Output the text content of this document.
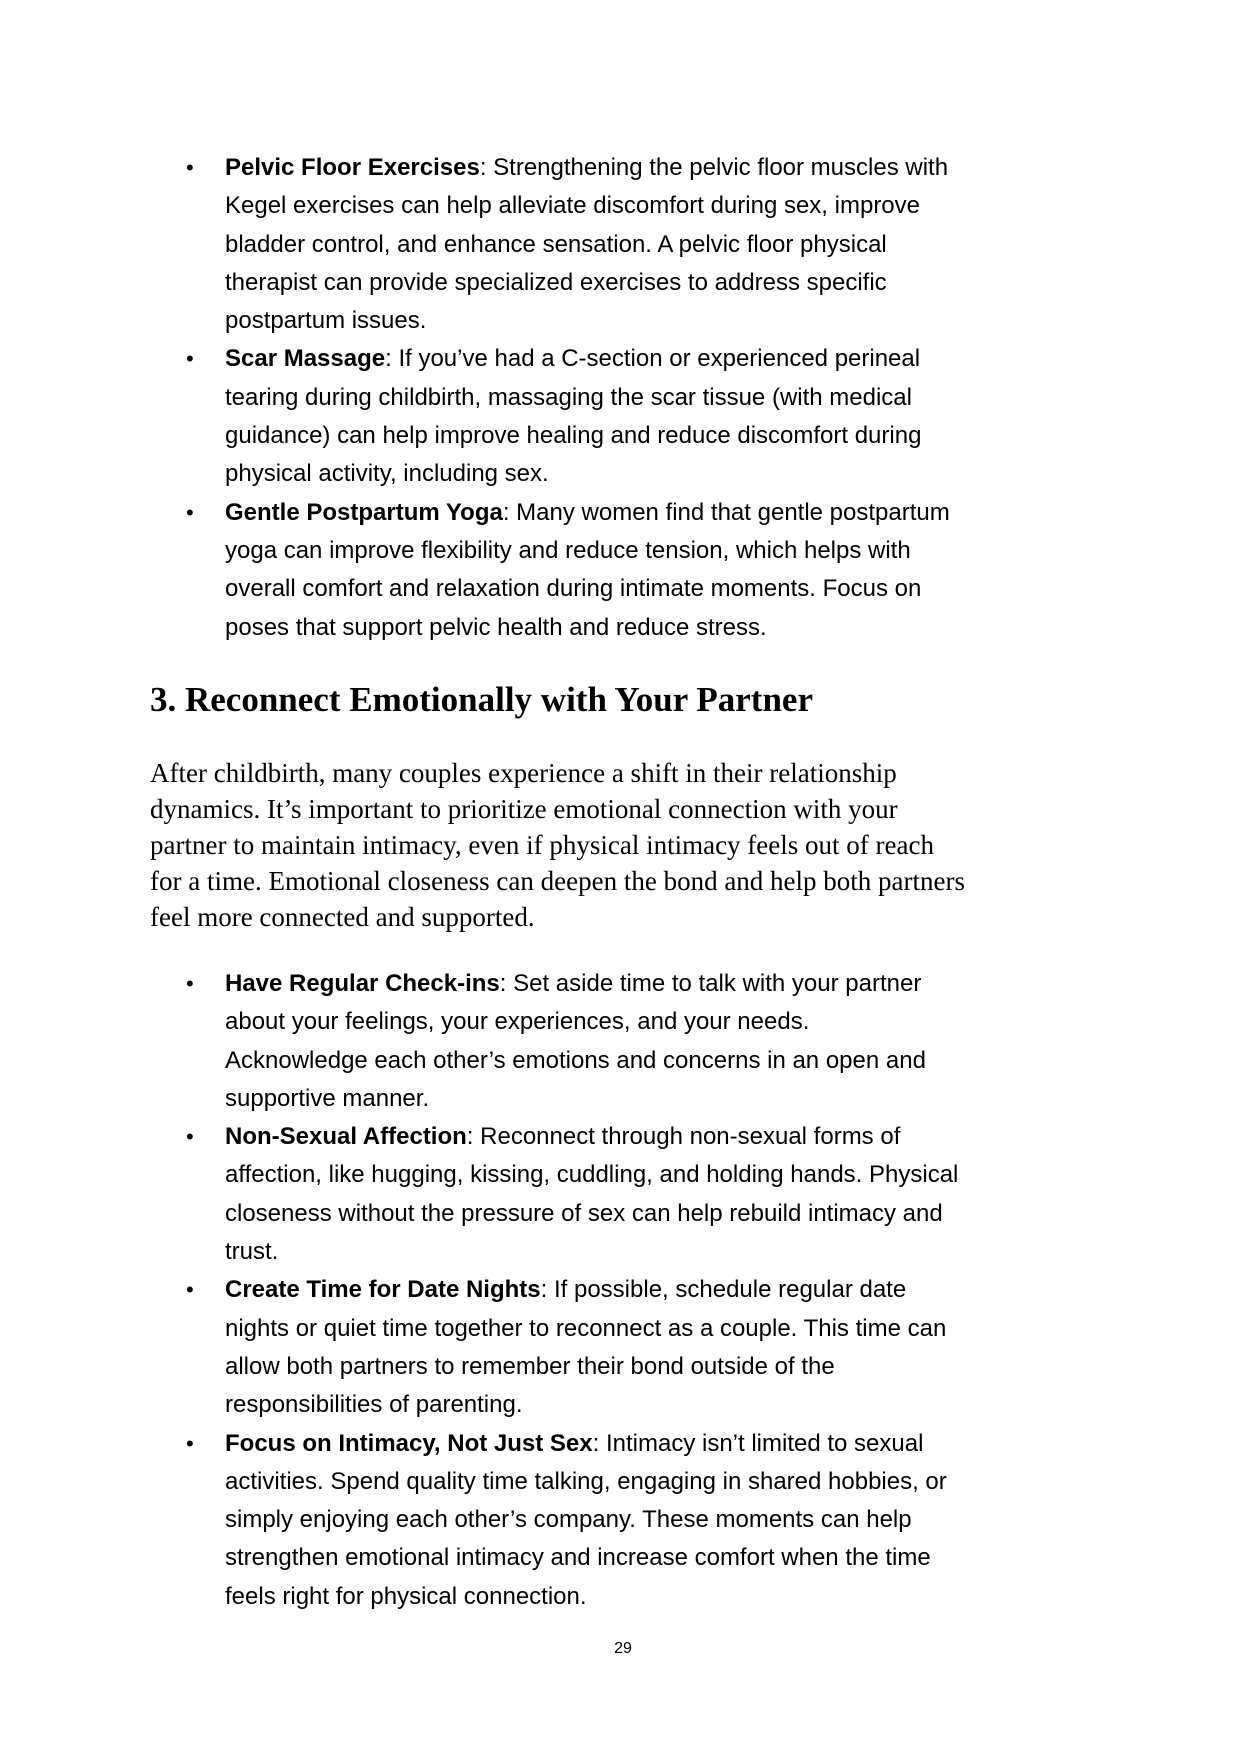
• Pelvic Floor Exercises: Strengthening the pelvic floor muscles with
Kegel exercises can help alleviate discomfort during sex, improve
bladder control, and enhance sensation. A pelvic floor physical
therapist can provide specialized exercises to address specific
postpartum issues.
• Scar Massage: If you’ve had a C-section or experienced perineal
tearing during childbirth, massaging the scar tissue (with medical
guidance) can help improve healing and reduce discomfort during
physical activity, including sex.
• Gentle Postpartum Yoga: Many women find that gentle postpartum
yoga can improve flexibility and reduce tension, which helps with
overall comfort and relaxation during intimate moments. Focus on
poses that support pelvic health and reduce stress.
3. Reconnect Emotionally with Your Partner
After childbirth, many couples experience a shift in their relationship
dynamics. It’s important to prioritize emotional connection with your
partner to maintain intimacy, even if physical intimacy feels out of reach
for a time. Emotional closeness can deepen the bond and help both partners
feel more connected and supported.
• Have Regular Check-ins: Set aside time to talk with your partner
about your feelings, your experiences, and your needs.
Acknowledge each other’s emotions and concerns in an open and
supportive manner.
• Non-Sexual Affection: Reconnect through non-sexual forms of
affection, like hugging, kissing, cuddling, and holding hands. Physical
closeness without the pressure of sex can help rebuild intimacy and
trust.
• Create Time for Date Nights: If possible, schedule regular date
nights or quiet time together to reconnect as a couple. This time can
allow both partners to remember their bond outside of the
responsibilities of parenting.
• Focus on Intimacy, Not Just Sex: Intimacy isn’t limited to sexual
activities. Spend quality time talking, engaging in shared hobbies, or
simply enjoying each other’s company. These moments can help
strengthen emotional intimacy and increase comfort when the time
feels right for physical connection.
29
